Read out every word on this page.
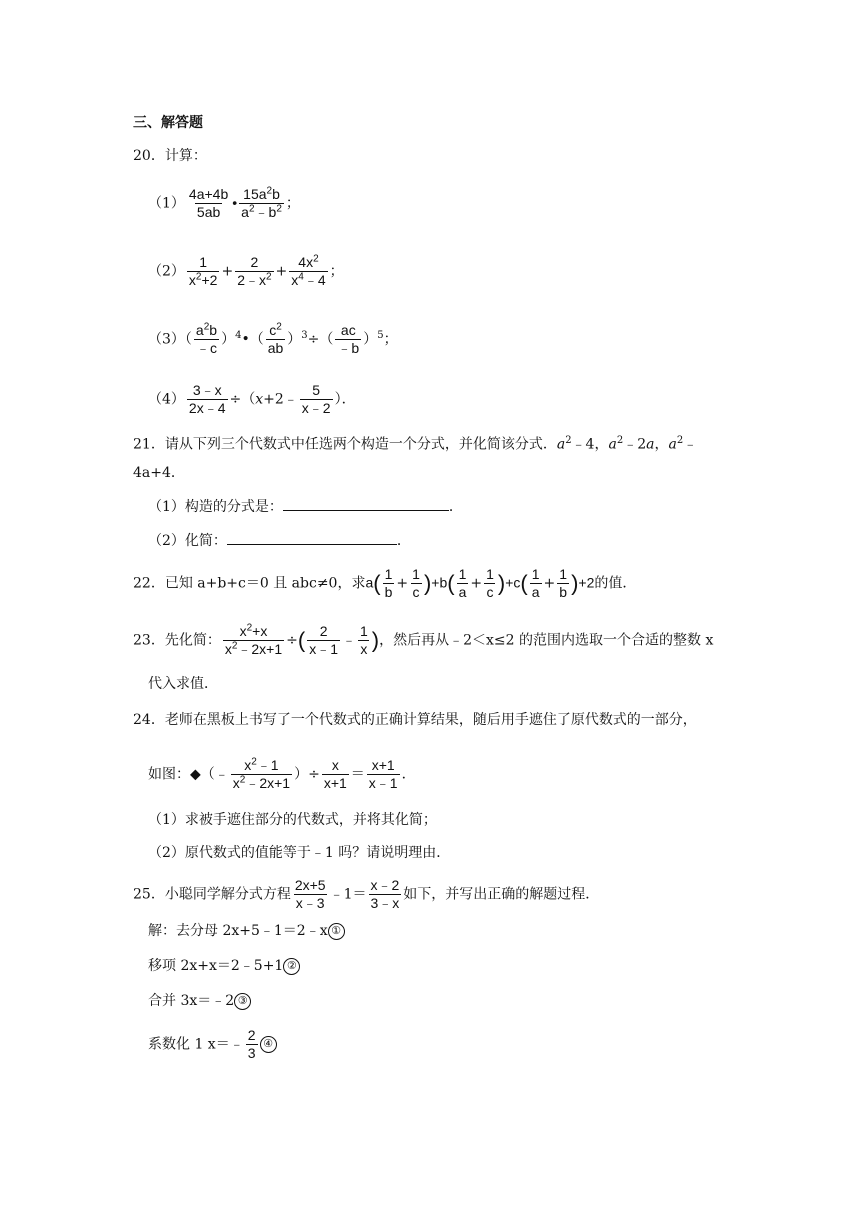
三、解答题
20．计算：
$(1) \frac{4a+4b}{5ab}$ • $\frac{15a^2b}{a^2﹣b^2}$ ；
$(2) \frac{1}{x^2+2} + \frac{2}{2﹣x^2} + \frac{4x^2}{x^4﹣4}$ ；
$(3)( \frac{a^2b}{﹣c}$ ）$^4•( \frac{c^2}{ab} )^3\div( \frac{ac}{﹣b} )^5$；
$(4) \frac{3﹣x}{2x﹣4}$ ÷（x+2﹣ $\frac{5}{x﹣2}$ ）．
21．请从下列三个代数式中任选两个构造一个分式，并化简该分式．$a^2﹣4$，$a^2﹣2a$，$a^2﹣$
4a+4．
（1）构造的分式是：	．
（2）化简：	．
22．已知 a+b+c＝0 且 abc≠0，求$a( \frac{1}{b} + \frac{1}{c} )+b( \frac{1}{a} + \frac{1}{c} )+c( \frac{1}{a} + \frac{1}{b} )+2$的值．
23．先化简： $\frac{x^2+x}{x^2﹣2x+1}$ ÷( $\frac{2}{x﹣1}$ ﹣ $\frac{1}{x}$ )，然后再从﹣2＜x≤2 的范围内选取一个合适的整数 x
代入求值．
24．老师在黑板上书写了一个代数式的正确计算结果，随后用手遮住了原代数式的一部分，
如图：◆（﹣ $\frac{x^2﹣1}{x^2﹣2x+1}$ ）÷ $\frac{x}{x+1} = \frac{x+1}{x﹣1}$ ．
（1）求被手遮住部分的代数式，并将其化简；
（2）原代数式的值能等于﹣1 吗？请说明理由．
25．小聪同学解分式方程 $\frac{2x+5}{x﹣3}$ ﹣1＝ $\frac{x﹣2}{3﹣x}$ 如下，并写出正确的解题过程．
解：去分母 2x+5﹣1＝2﹣x ①
移项 2x+x＝2﹣5+1 ②
合并 3x＝﹣2 ③
系数化 1 x＝﹣ $\frac{2}{3}$ ④
